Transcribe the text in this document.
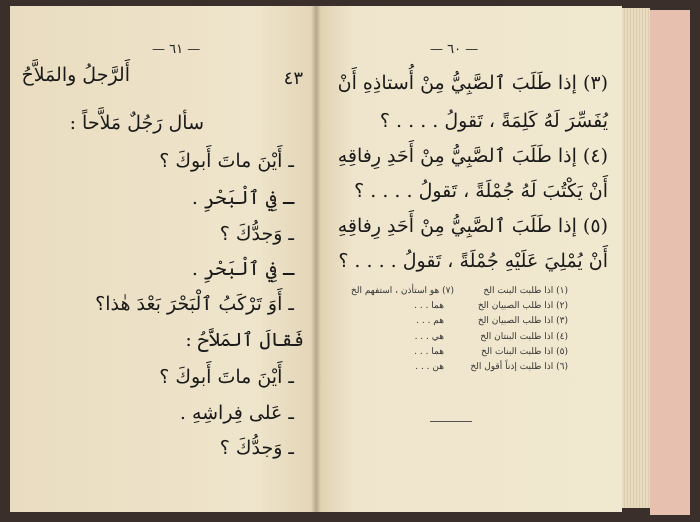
— ٦١ —
٤٣
أَلرَّجلُ والمَلاَّحُ
سأل رَجُلٌ مَلاَّحاً :
ـ أَيْنَ ماتَ أَبوكَ ؟
ـ فِي ٱلْبَحْرِ .
ـ وَجدُّكَ ؟
ـ فِي ٱلْبَحْرِ .
ـ أَوَ تَرْكَبُ ٱلْبَحْرَ بَعْدَ هٰذا؟
فَقالَ ٱلمَلاَّحُ :
ـ أَيْنَ ماتَ أَبوكَ ؟
ـ عَلى فِراشِهِ .
ـ وَجدُّكَ ؟
— ٦٠ —
(٣) إذا طَلَبَ ٱلصَّبِيُّ مِنْ أُستاذِهِ أَنْ
يُفَسِّرَ لَهُ كَلِمَةً ، تَقولُ . . . . ؟
(٤) إذا طَلَبَ ٱلصَّبِيُّ مِنْ أَحَدِ رِفاقِهِ
أَنْ يَكْتُبَ لَهُ جُمْلَةً ، تَقولُ . . . . ؟
(٥) إذا طَلَبَ ٱلصَّبِيُّ مِنْ أَحَدِ رِفاقِهِ
أَنْ يُمْلِيَ عَلَيْهِ جُمْلَةً ، تَقولُ . . . . ؟
(١) اذا طلبت البنت الخ
(٢) اذا طلب الصبيان الخ
(٣) اذا طلب الصبيان الخ
(٤) اذا طلبت البنتان الخ
(٥) اذا طلبت البنات الخ
(٦) اذا طلبت إذناً أقول الخ
(٧) هو استأذن ، استفهم الخ
هما . . .
هم . . .
هي . . .
هما . . .
هن . . .
